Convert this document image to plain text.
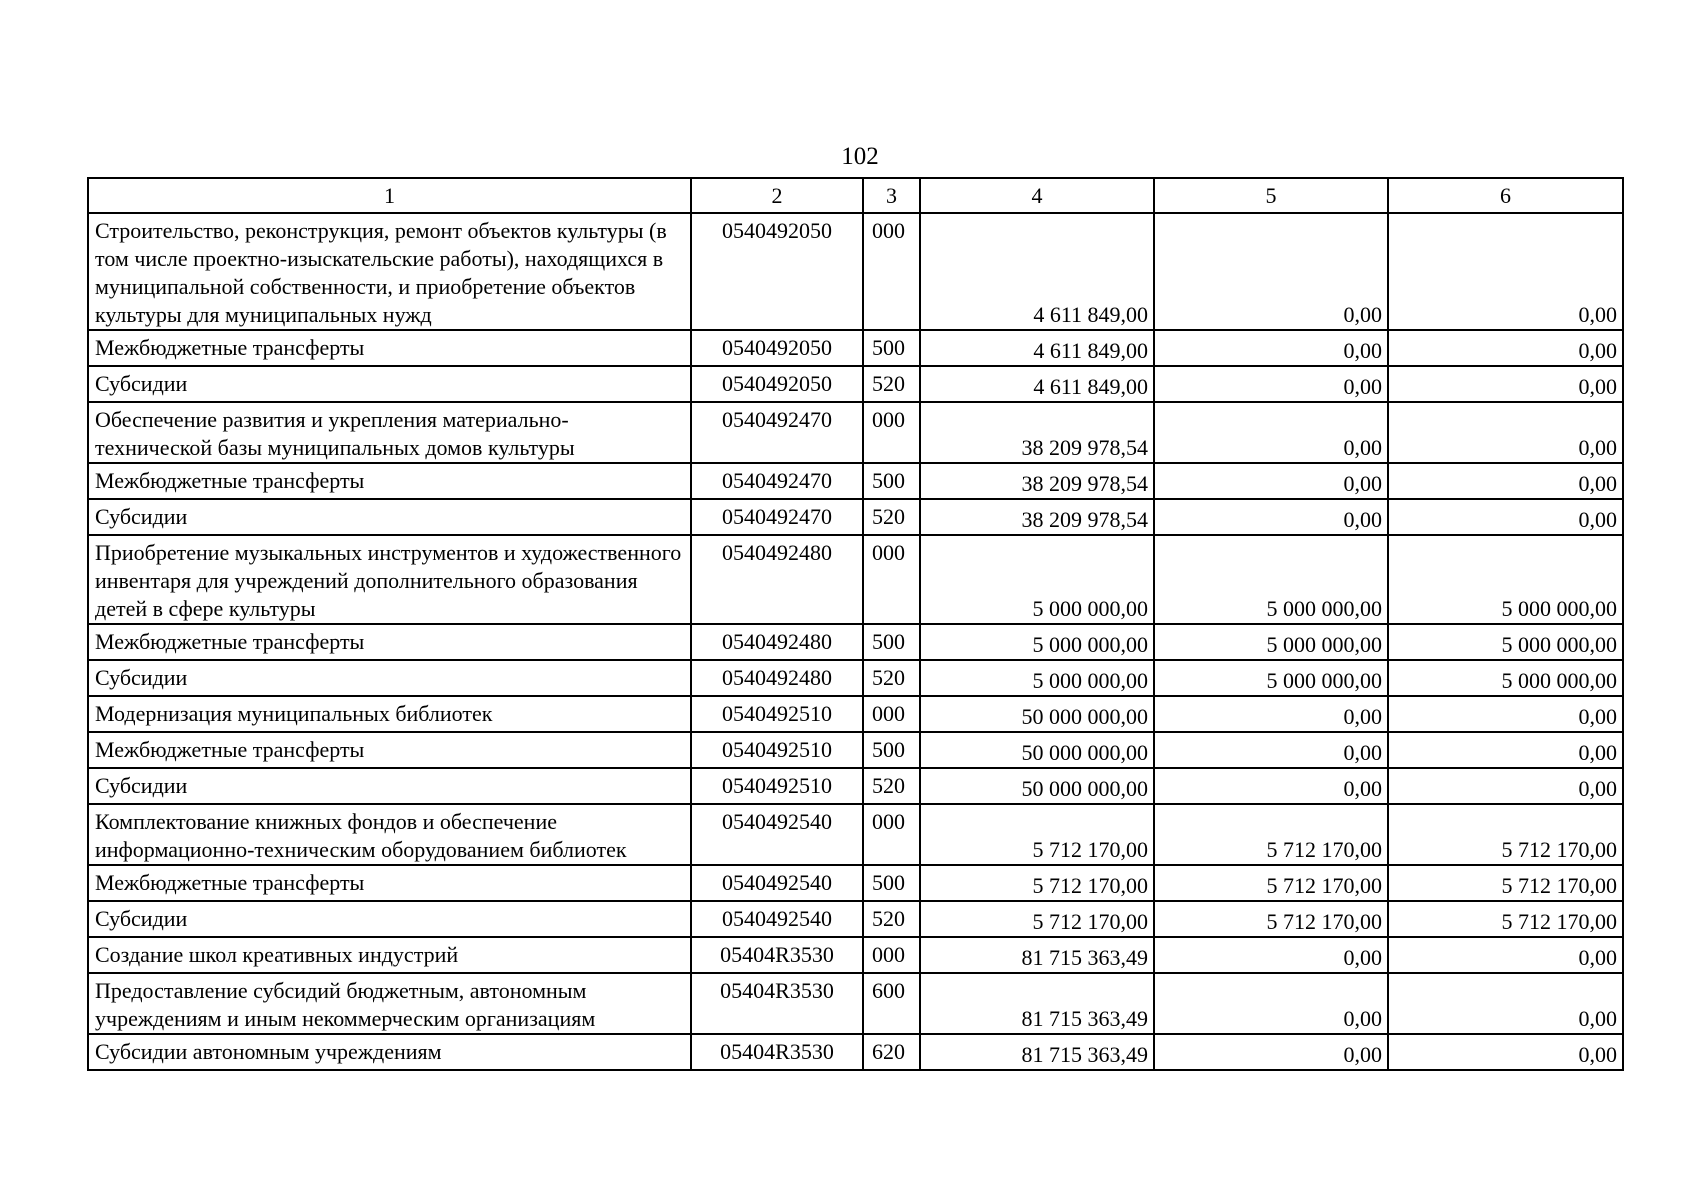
102
1	2	3	4	5	6
Строительство, реконструкция, ремонт объектов культуры (в том числе проектно-изыскательские работы), находящихся в муниципальной собственности, и приобретение объектов культуры для муниципальных нужд	0540492050	000	4 611 849,00	0,00	0,00
Межбюджетные трансферты	0540492050	500	4 611 849,00	0,00	0,00
Субсидии	0540492050	520	4 611 849,00	0,00	0,00
Обеспечение развития и укрепления материально-технической базы муниципальных домов культуры	0540492470	000	38 209 978,54	0,00	0,00
Межбюджетные трансферты	0540492470	500	38 209 978,54	0,00	0,00
Субсидии	0540492470	520	38 209 978,54	0,00	0,00
Приобретение музыкальных инструментов и художественного инвентаря для учреждений дополнительного образования детей в сфере культуры	0540492480	000	5 000 000,00	5 000 000,00	5 000 000,00
Межбюджетные трансферты	0540492480	500	5 000 000,00	5 000 000,00	5 000 000,00
Субсидии	0540492480	520	5 000 000,00	5 000 000,00	5 000 000,00
Модернизация муниципальных библиотек	0540492510	000	50 000 000,00	0,00	0,00
Межбюджетные трансферты	0540492510	500	50 000 000,00	0,00	0,00
Субсидии	0540492510	520	50 000 000,00	0,00	0,00
Комплектование книжных фондов и обеспечение информационно-техническим оборудованием библиотек	0540492540	000	5 712 170,00	5 712 170,00	5 712 170,00
Межбюджетные трансферты	0540492540	500	5 712 170,00	5 712 170,00	5 712 170,00
Субсидии	0540492540	520	5 712 170,00	5 712 170,00	5 712 170,00
Создание школ креативных индустрий	05404R3530	000	81 715 363,49	0,00	0,00
Предоставление субсидий бюджетным, автономным учреждениям и иным некоммерческим организациям	05404R3530	600	81 715 363,49	0,00	0,00
Субсидии автономным учреждениям	05404R3530	620	81 715 363,49	0,00	0,00
